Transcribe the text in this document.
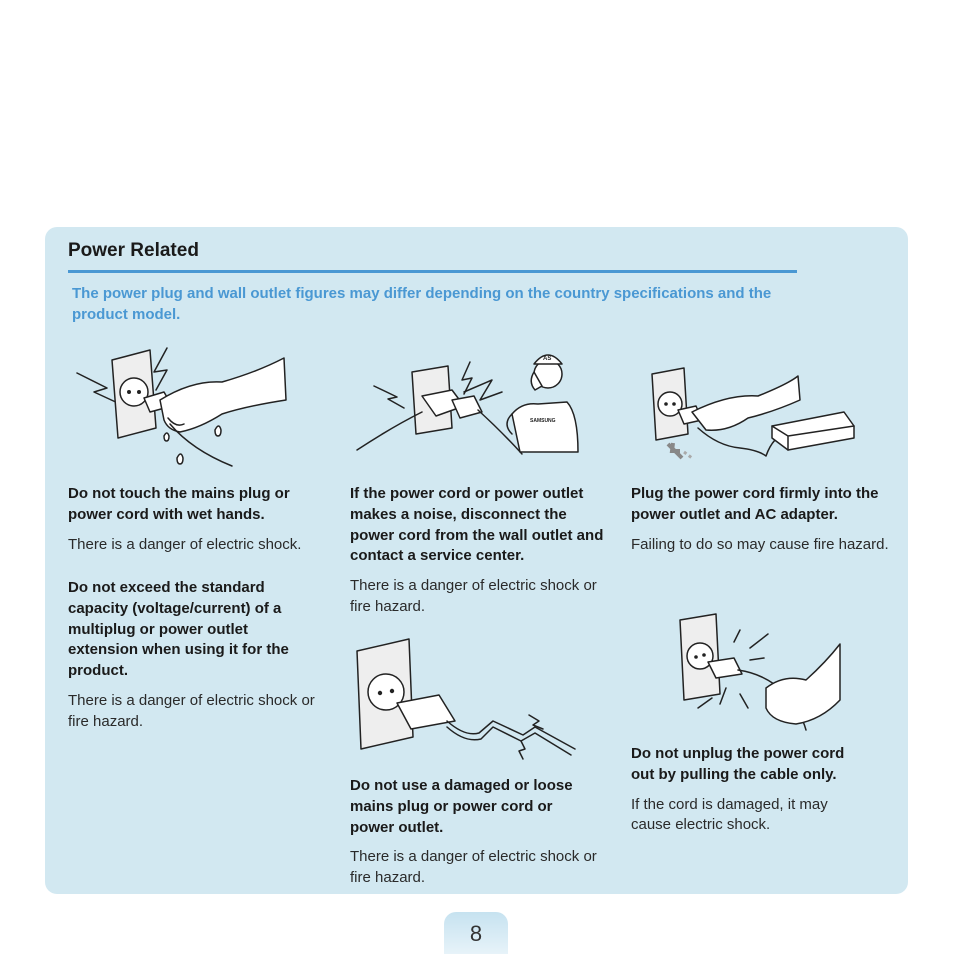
Power Related
The power plug and wall outlet figures may differ depending on the country specifications and the product model.
SAMSUNG
AS
Do not touch the mains plug or power cord with wet hands.
There is a danger of electric shock.
Do not exceed the standard capacity (voltage/current) of a multiplug or power outlet extension when using it for the product.
There is a danger of electric shock or fire hazard.
If the power cord or power outlet makes a noise, disconnect the power cord from the wall outlet and contact a service center.
There is a danger of electric shock or fire hazard.
Do not use a damaged or loose mains plug or power cord or power outlet.
There is a danger of electric shock or fire hazard.
Plug the power cord firmly into the power outlet and AC adapter.
Failing to do so may cause fire hazard.
Do not unplug the power cord out by pulling the cable only.
If the cord is damaged, it may cause electric shock.
8
